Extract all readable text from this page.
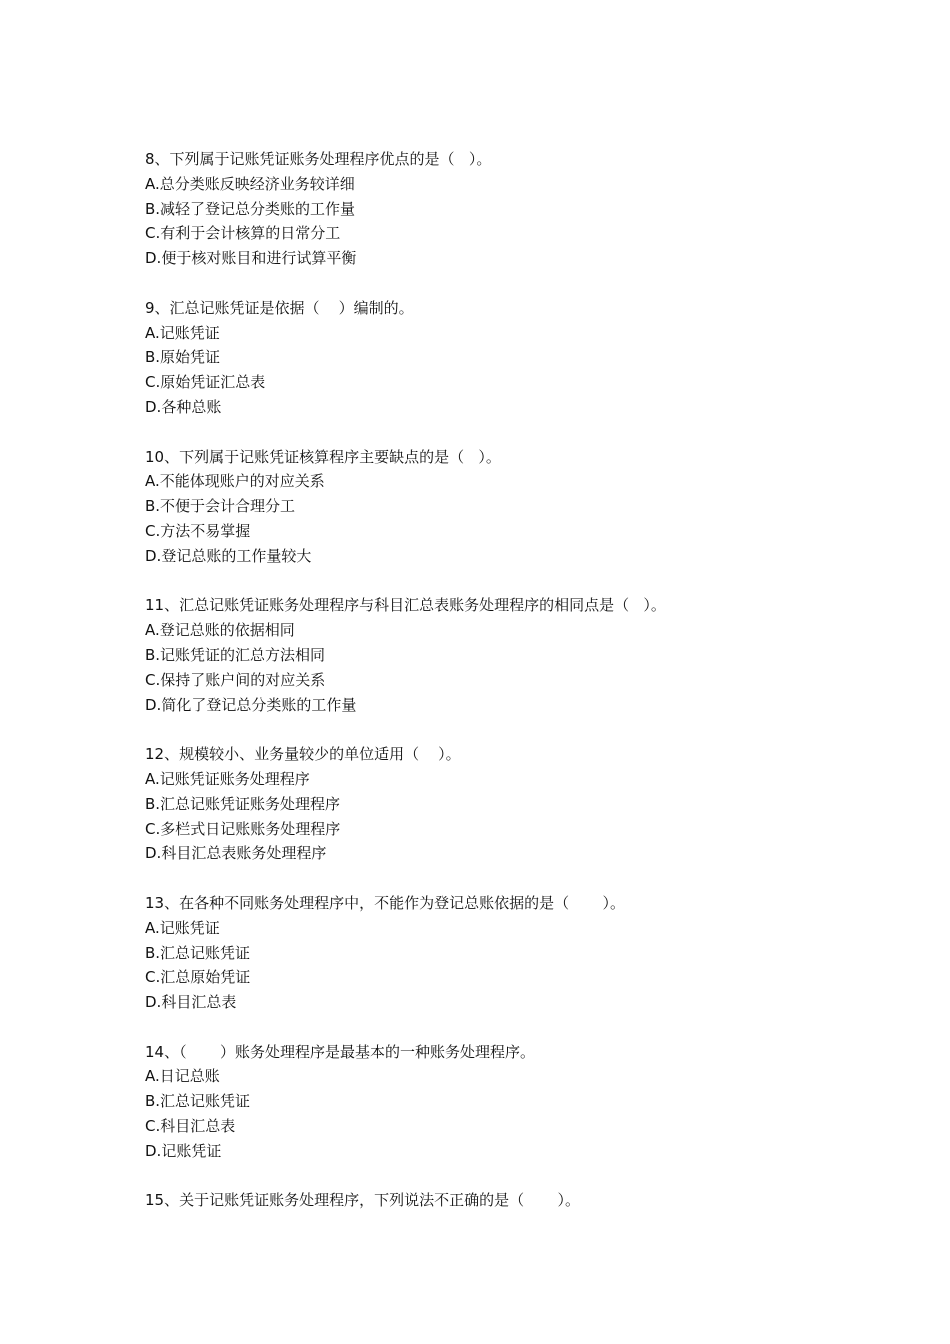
8、下列属于记账凭证账务处理程序优点的是（   ）。
A.总分类账反映经济业务较详细
B.减轻了登记总分类账的工作量
C.有利于会计核算的日常分工
D.便于核对账目和进行试算平衡
9、汇总记账凭证是依据（    ）编制的。
A.记账凭证
B.原始凭证
C.原始凭证汇总表
D.各种总账
10、下列属于记账凭证核算程序主要缺点的是（   ）。
A.不能体现账户的对应关系
B.不便于会计合理分工
C.方法不易掌握
D.登记总账的工作量较大
11、汇总记账凭证账务处理程序与科目汇总表账务处理程序的相同点是（   ）。
A.登记总账的依据相同
B.记账凭证的汇总方法相同
C.保持了账户间的对应关系
D.简化了登记总分类账的工作量
12、规模较小、业务量较少的单位适用（    ）。
A.记账凭证账务处理程序
B.汇总记账凭证账务处理程序
C.多栏式日记账账务处理程序
D.科目汇总表账务处理程序
13、在各种不同账务处理程序中，不能作为登记总账依据的是（       ）。
A.记账凭证
B.汇总记账凭证
C.汇总原始凭证
D.科目汇总表
14、（       ）账务处理程序是最基本的一种账务处理程序。
A.日记总账
B.汇总记账凭证
C.科目汇总表
D.记账凭证
15、关于记账凭证账务处理程序，下列说法不正确的是（       ）。
